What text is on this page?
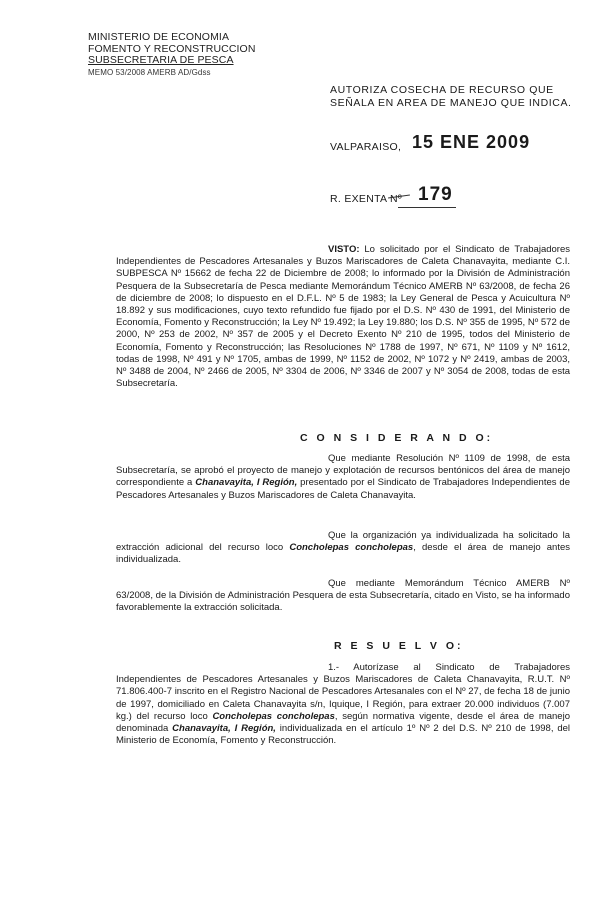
MINISTERIO DE ECONOMIA
FOMENTO Y RECONSTRUCCION
SUBSECRETARIA DE PESCA
MEMO 53/2008 AMERB AD/Gdss
AUTORIZA COSECHA DE RECURSO QUE
SEÑALA EN AREA DE MANEJO QUE INDICA.
VALPARAISO, 15 ENE 2009
R. EXENTA Nº 179
VISTO: Lo solicitado por el Sindicato de Trabajadores Independientes de Pescadores Artesanales y Buzos Mariscadores de Caleta Chanavayita, mediante C.I. SUBPESCA Nº 15662 de fecha 22 de Diciembre de 2008; lo informado por la División de Administración Pesquera de la Subsecretaría de Pesca mediante Memorándum Técnico AMERB Nº 63/2008, de fecha 26 de diciembre de 2008; lo dispuesto en el D.F.L. Nº 5 de 1983; la Ley General de Pesca y Acuicultura Nº 18.892 y sus modificaciones, cuyo texto refundido fue fijado por el D.S. Nº 430 de 1991, del Ministerio de Economía, Fomento y Reconstrucción; la Ley Nº 19.492; la Ley 19.880; los D.S. Nº 355 de 1995, Nº 572 de 2000, Nº 253 de 2002, Nº 357 de 2005 y el Decreto Exento Nº 210 de 1995, todos del Ministerio de Economía, Fomento y Reconstrucción; las Resoluciones Nº 1788 de 1997, Nº 671, Nº 1109 y Nº 1612, todas de 1998, Nº 491 y Nº 1705, ambas de 1999, Nº 1152 de 2002, Nº 1072 y Nº 2419, ambas de 2003, Nº 3488 de 2004, Nº 2466 de 2005, Nº 3304 de 2006, Nº 3346 de 2007 y Nº 3054 de 2008, todas de esta Subsecretaría.
C O N S I D E R A N D O:
Que mediante Resolución Nº 1109 de 1998, de esta Subsecretaría, se aprobó el proyecto de manejo y explotación de recursos bentónicos del área de manejo correspondiente a Chanavayita, I Región, presentado por el Sindicato de Trabajadores Independientes de Pescadores Artesanales y Buzos Mariscadores de Caleta Chanavayita.
Que la organización ya individualizada ha solicitado la extracción adicional del recurso loco Concholepas concholepas, desde el área de manejo antes individualizada.
Que mediante Memorándum Técnico AMERB Nº 63/2008, de la División de Administración Pesquera de esta Subsecretaría, citado en Visto, se ha informado favorablemente la extracción solicitada.
R E S U E L V O:
1.- Autorízase al Sindicato de Trabajadores Independientes de Pescadores Artesanales y Buzos Mariscadores de Caleta Chanavayita, R.U.T. Nº 71.806.400-7 inscrito en el Registro Nacional de Pescadores Artesanales con el Nº 27, de fecha 18 de junio de 1997, domiciliado en Caleta Chanavayita s/n, Iquique, I Región, para extraer 20.000 individuos (7.007 kg.) del recurso loco Concholepas concholepas, según normativa vigente, desde el área de manejo denominada Chanavayita, I Región, individualizada en el artículo 1º Nº 2 del D.S. Nº 210 de 1998, del Ministerio de Economía, Fomento y Reconstrucción.
